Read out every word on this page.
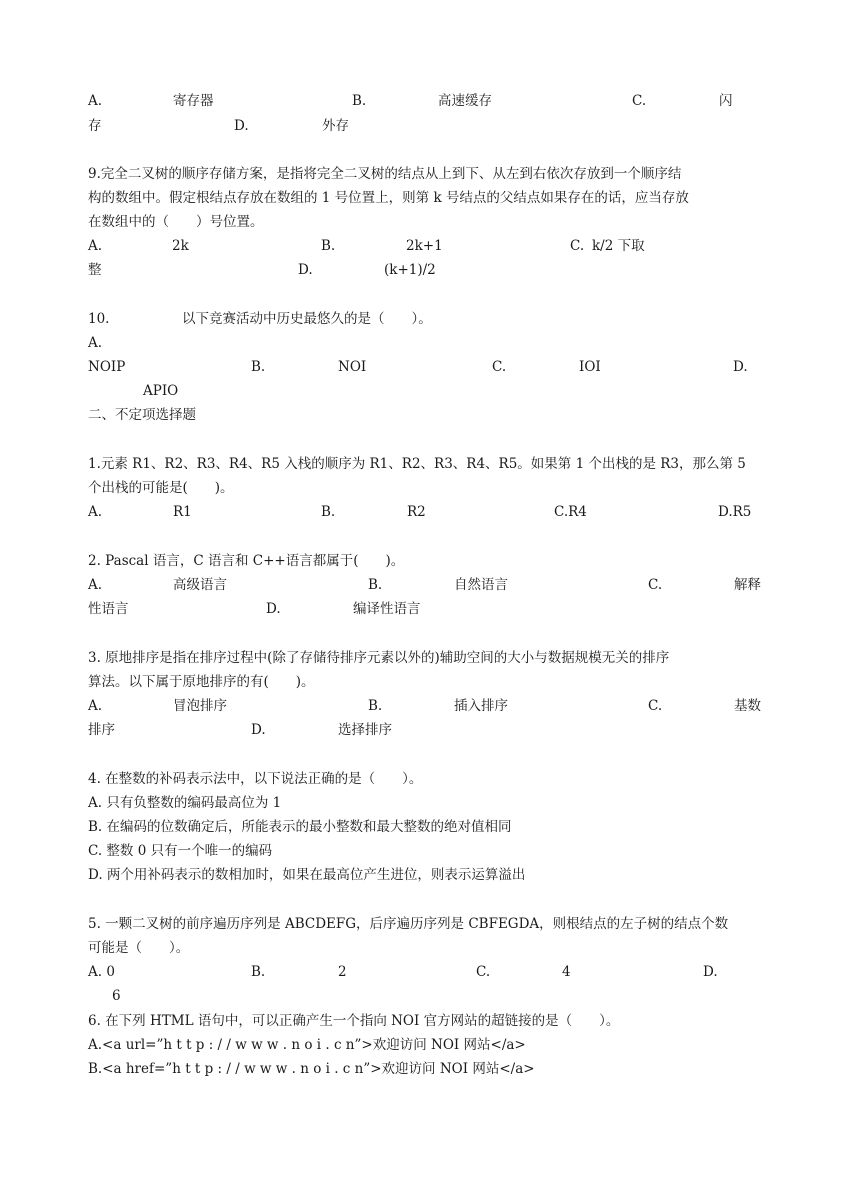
A.	寄存器	B.	高速缓存	C.	闪
存	D.	外存
9.完全二叉树的顺序存储方案，是指将完全二叉树的结点从上到下、从左到右依次存放到一个顺序结
构的数组中。假定根结点存放在数组的 1 号位置上，则第 k 号结点的父结点如果存在的话，应当存放
在数组中的（　　）号位置。
A.	2k	B.	2k+1	C. k/2 下取
整	D.	(k+1)/2
10.	以下竞赛活动中历史最悠久的是（　　）。
A.
NOIP	B.	NOI	C.	IOI	D.
APIO
二、不定项选择题
1.元素 R1、R2、R3、R4、R5 入栈的顺序为 R1、R2、R3、R4、R5。如果第 1 个出栈的是 R3，那么第 5
个出栈的可能是(　　)。
A.	R1	B.	R2	C.R4	D.R5
2. Pascal 语言，C 语言和 C++语言都属于(　　)。
A.	高级语言	B.	自然语言	C.	解释
性语言	D.	编译性语言
3. 原地排序是指在排序过程中(除了存储待排序元素以外的)辅助空间的大小与数据规模无关的排序
算法。以下属于原地排序的有(　　)。
A.	冒泡排序	B.	插入排序	C.	基数
排序	D.	选择排序
4. 在整数的补码表示法中，以下说法正确的是（　　）。
A. 只有负整数的编码最高位为 1
B. 在编码的位数确定后，所能表示的最小整数和最大整数的绝对值相同
C. 整数 0 只有一个唯一的编码
D. 两个用补码表示的数相加时，如果在最高位产生进位，则表示运算溢出
5. 一颗二叉树的前序遍历序列是 ABCDEFG，后序遍历序列是 CBFEGDA，则根结点的左子树的结点个数
可能是（　　）。
A. 0	B.	2	C.	4	D.
6
6. 在下列 HTML 语句中，可以正确产生一个指向 NOI 官方网站的超链接的是（　　）。
A.<a url=”h t t p : / / w w w . n o i . c n”>欢迎访问 NOI 网站</a>
B.<a href=”h t t p : / / w w w . n o i . c n”>欢迎访问 NOI 网站</a>
